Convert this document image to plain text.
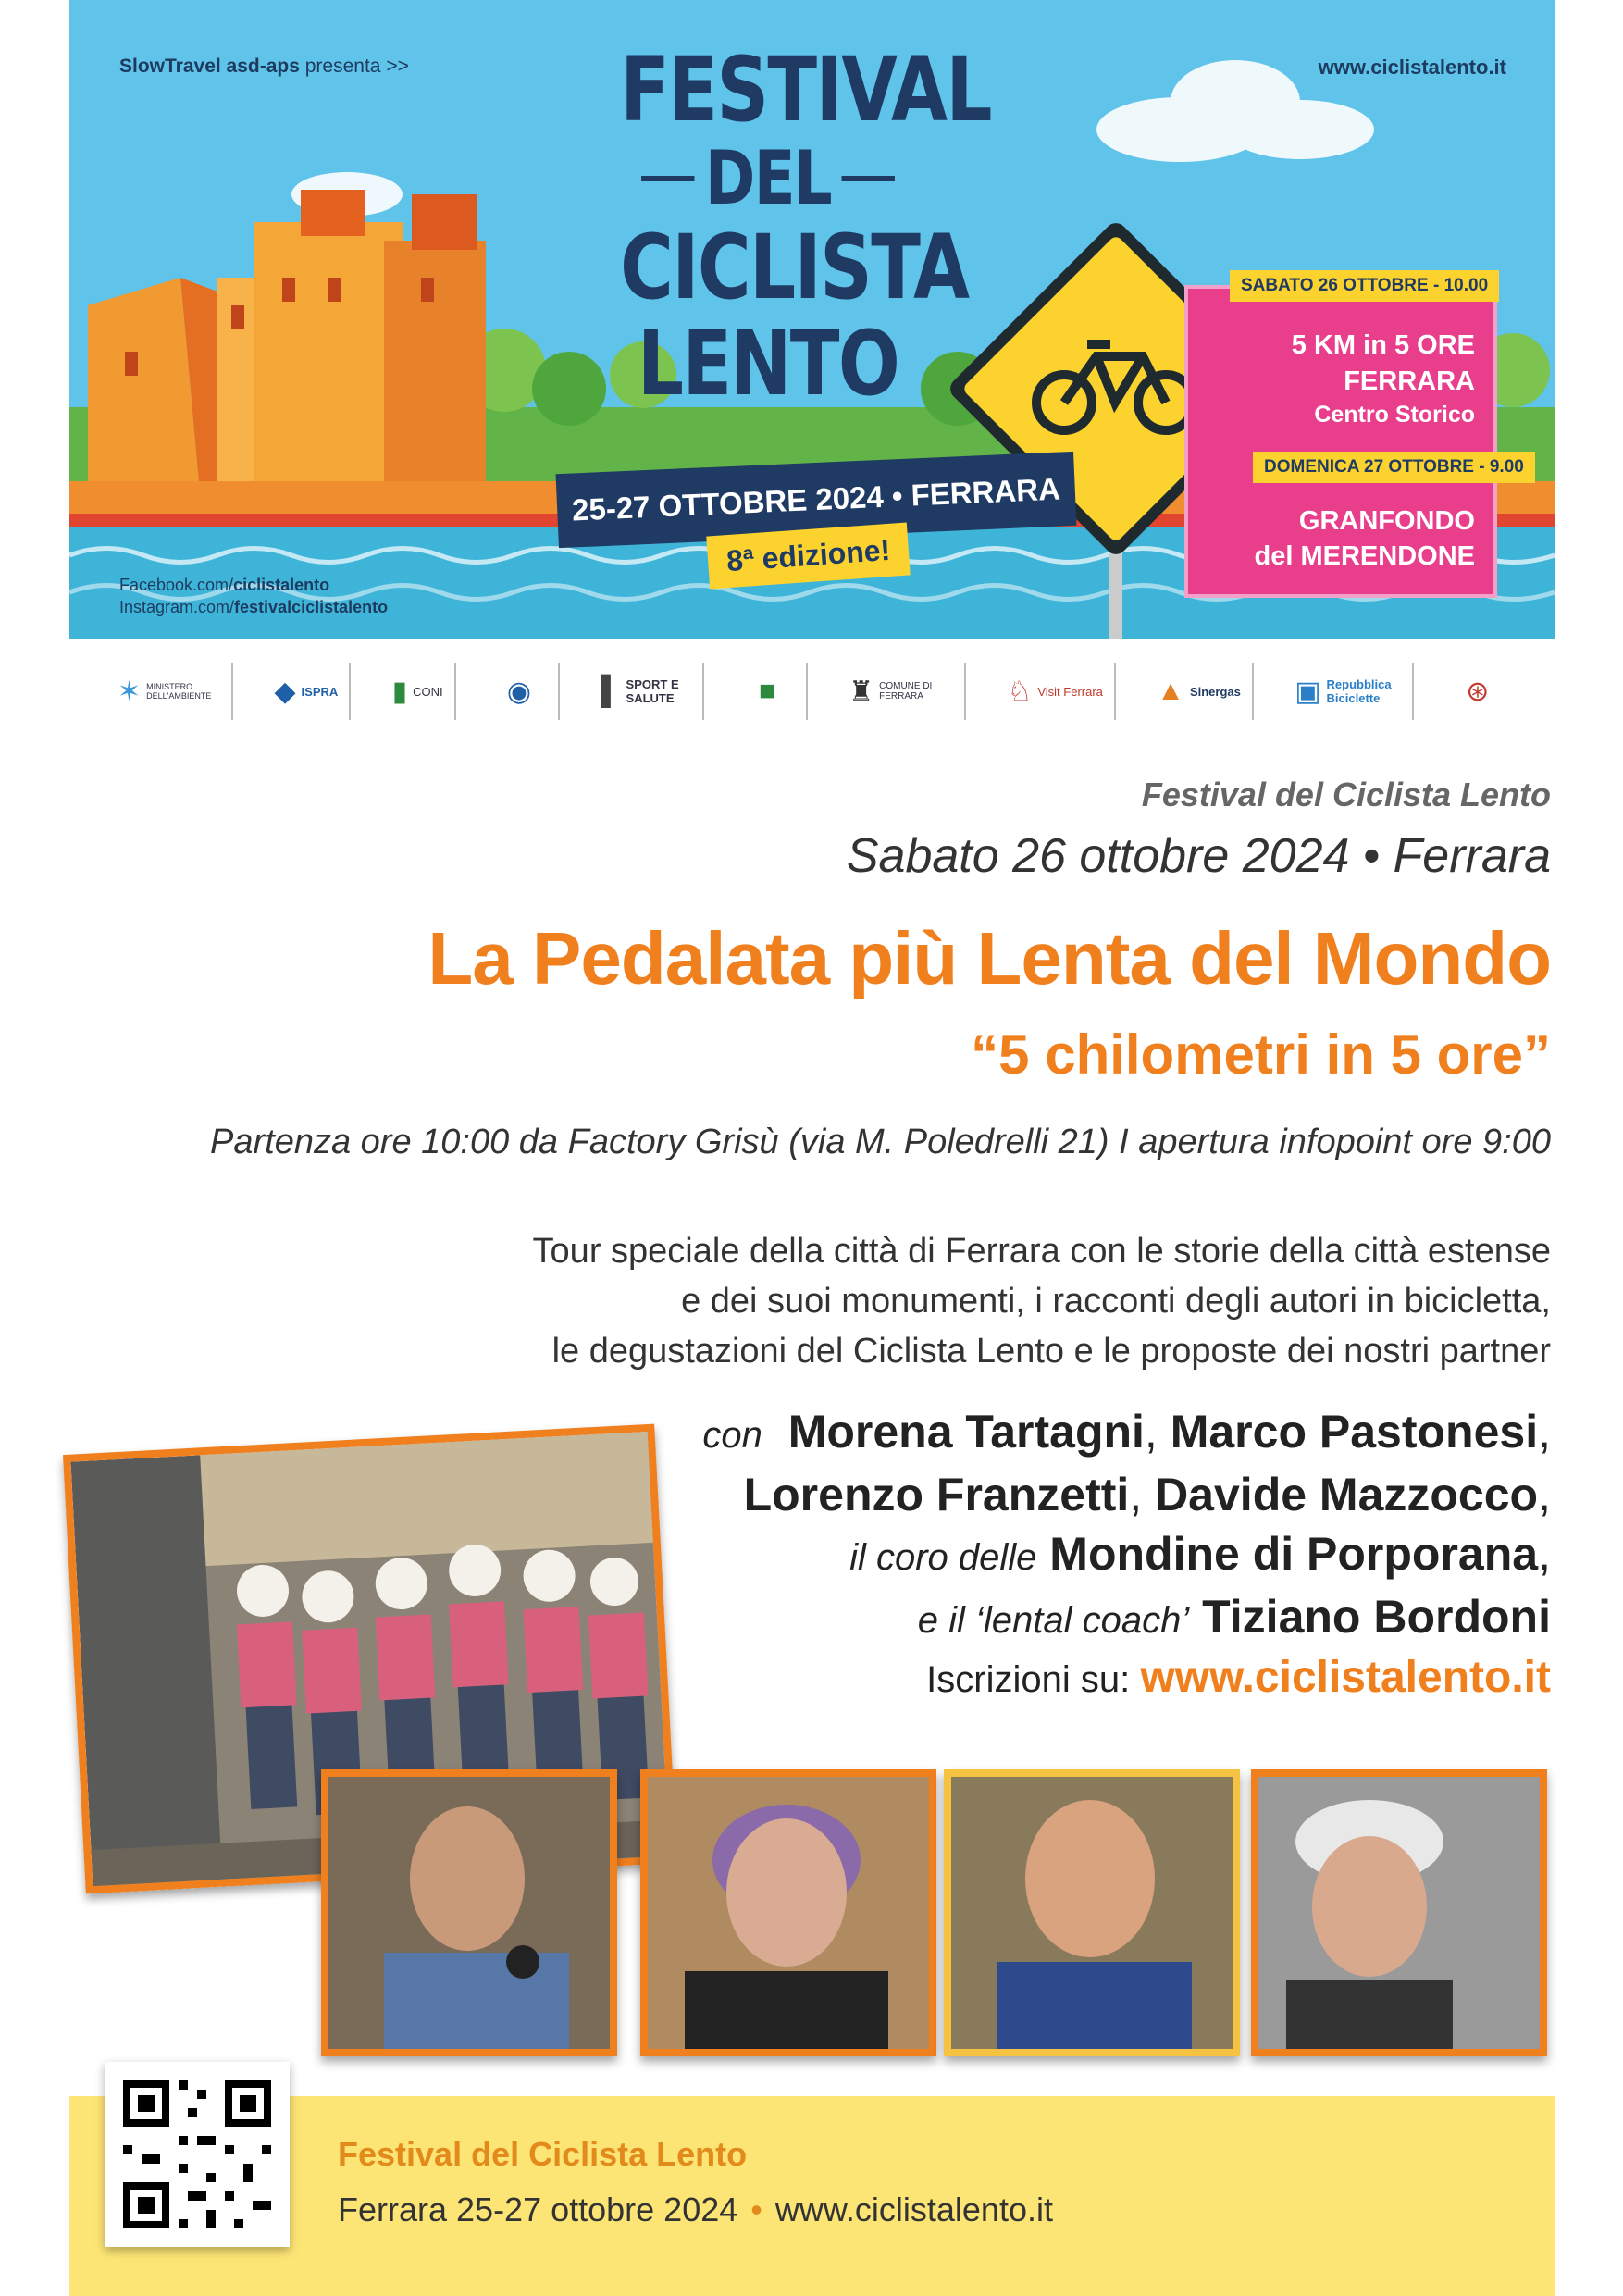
SlowTravel asd-aps presenta >>	www.ciclistalento.it
FESTIVAL
DEL
CICLISTA
LENTO
25-27 OTTOBRE 2024 • FERRARA
8ª edizione!
Facebook.com/ciclistalento
Instagram.com/festivalciclistalento
SABATO 26 OTTOBRE - 10.00
5 KM in 5 ORE
FERRARA
Centro Storico
DOMENICA 27 OTTOBRE - 9.00
GRANFONDO
del MERENDONE
✶ MINISTERO DELL'AMBIENTE	◆ ISPRA ▮ CONI ◉	▌ SPORT E SALUTE	■	♜ COMUNE DI FERRARA	♘ Visit Ferrara ▲ Sinergas ▣ Repubblica Biciclette	⊛
Festival del Ciclista Lento
Sabato 26 ottobre 2024 • Ferrara
La Pedalata più Lenta del Mondo
“5 chilometri in 5 ore”
Partenza ore 10:00 da Factory Grisù (via M. Poledrelli 21) I apertura infopoint ore 9:00
Tour speciale della città di Ferrara con le storie della città estense
e dei suoi monumenti, i racconti degli autori in bicicletta,
le degustazioni del Ciclista Lento e le proposte dei nostri partner
con Morena Tartagni, Marco Pastonesi,
Lorenzo Franzetti, Davide Mazzocco,
il coro delle Mondine di Porporana,
e il ‘lental coach’ Tiziano Bordoni
Iscrizioni su: www.ciclistalento.it
Festival del Ciclista Lento
Ferrara 25-27 ottobre 2024 • www.ciclistalento.it
